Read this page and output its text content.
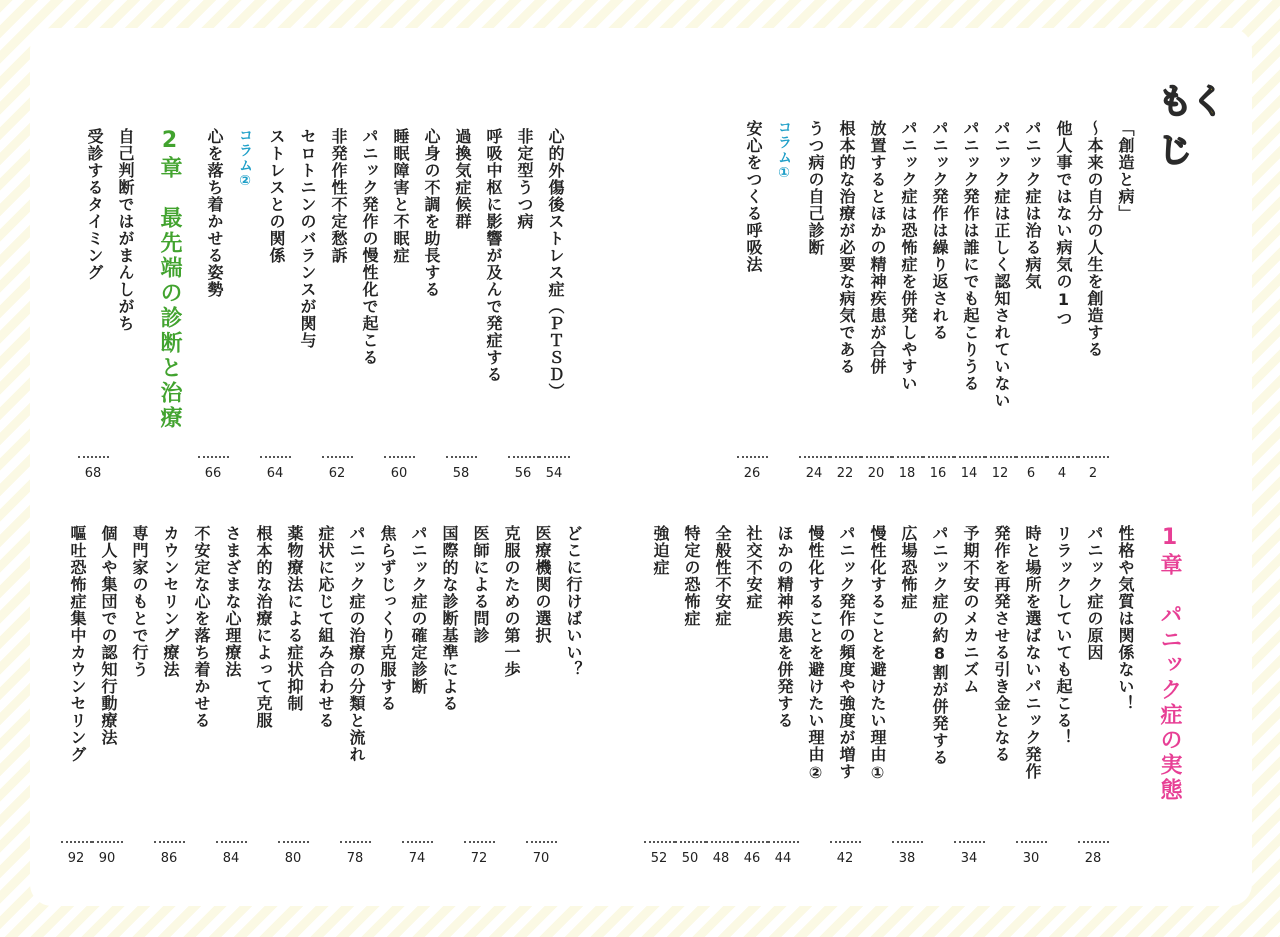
もくじ
「創造と病」
～本来の自分の人生を創造する
2
他人事ではない病気の1つ
4
パニック症は治る病気
6
パニック症は正しく認知されていない
12
パニック発作は誰にでも起こりうる
14
パニック発作は繰り返される
16
パニック症は恐怖症を併発しやすい
18
放置するとほかの精神疾患が合併
20
根本的な治療が必要な病気である
22
うつ病の自己診断
24
コラム①
安心をつくる呼吸法
26
1章　パニック症の実態
性格や気質は関係ない！
パニック症の原因
28
リラックしていても起こる！
時と場所を選ばないパニック発作
30
発作を再発させる引き金となる
予期不安のメカニズム
34
パニック症の約8割が併発する
広場恐怖症
38
慢性化することを避けたい理由①
パニック発作の頻度や強度が増す
42
慢性化することを避けたい理由②
ほかの精神疾患を併発する
44
社交不安症
46
全般性不安症
48
特定の恐怖症
50
強迫症
52
心的外傷後ストレス症（ＰＴＳＤ）
54
非定型うつ病
56
呼吸中枢に影響が及んで発症する
過換気症候群
58
心身の不調を助長する
睡眠障害と不眠症
60
パニック発作の慢性化で起こる
非発作性不定愁訴
62
セロトニンのバランスが関与
ストレスとの関係
64
コラム②
心を落ち着かせる姿勢
66
2章　最先端の診断と治療
自己判断ではがまんしがち
受診するタイミング
68
どこに行けばいい？
医療機関の選択
70
克服のための第一歩
医師による問診
72
国際的な診断基準による
パニック症の確定診断
74
焦らずじっくり克服する
パニック症の治療の分類と流れ
78
症状に応じて組み合わせる
薬物療法による症状抑制
80
根本的な治療によって克服
さまざまな心理療法
84
不安定な心を落ち着かせる
カウンセリング療法
86
専門家のもとで行う
個人や集団での認知行動療法
90
嘔吐恐怖症集中カウンセリング
92
